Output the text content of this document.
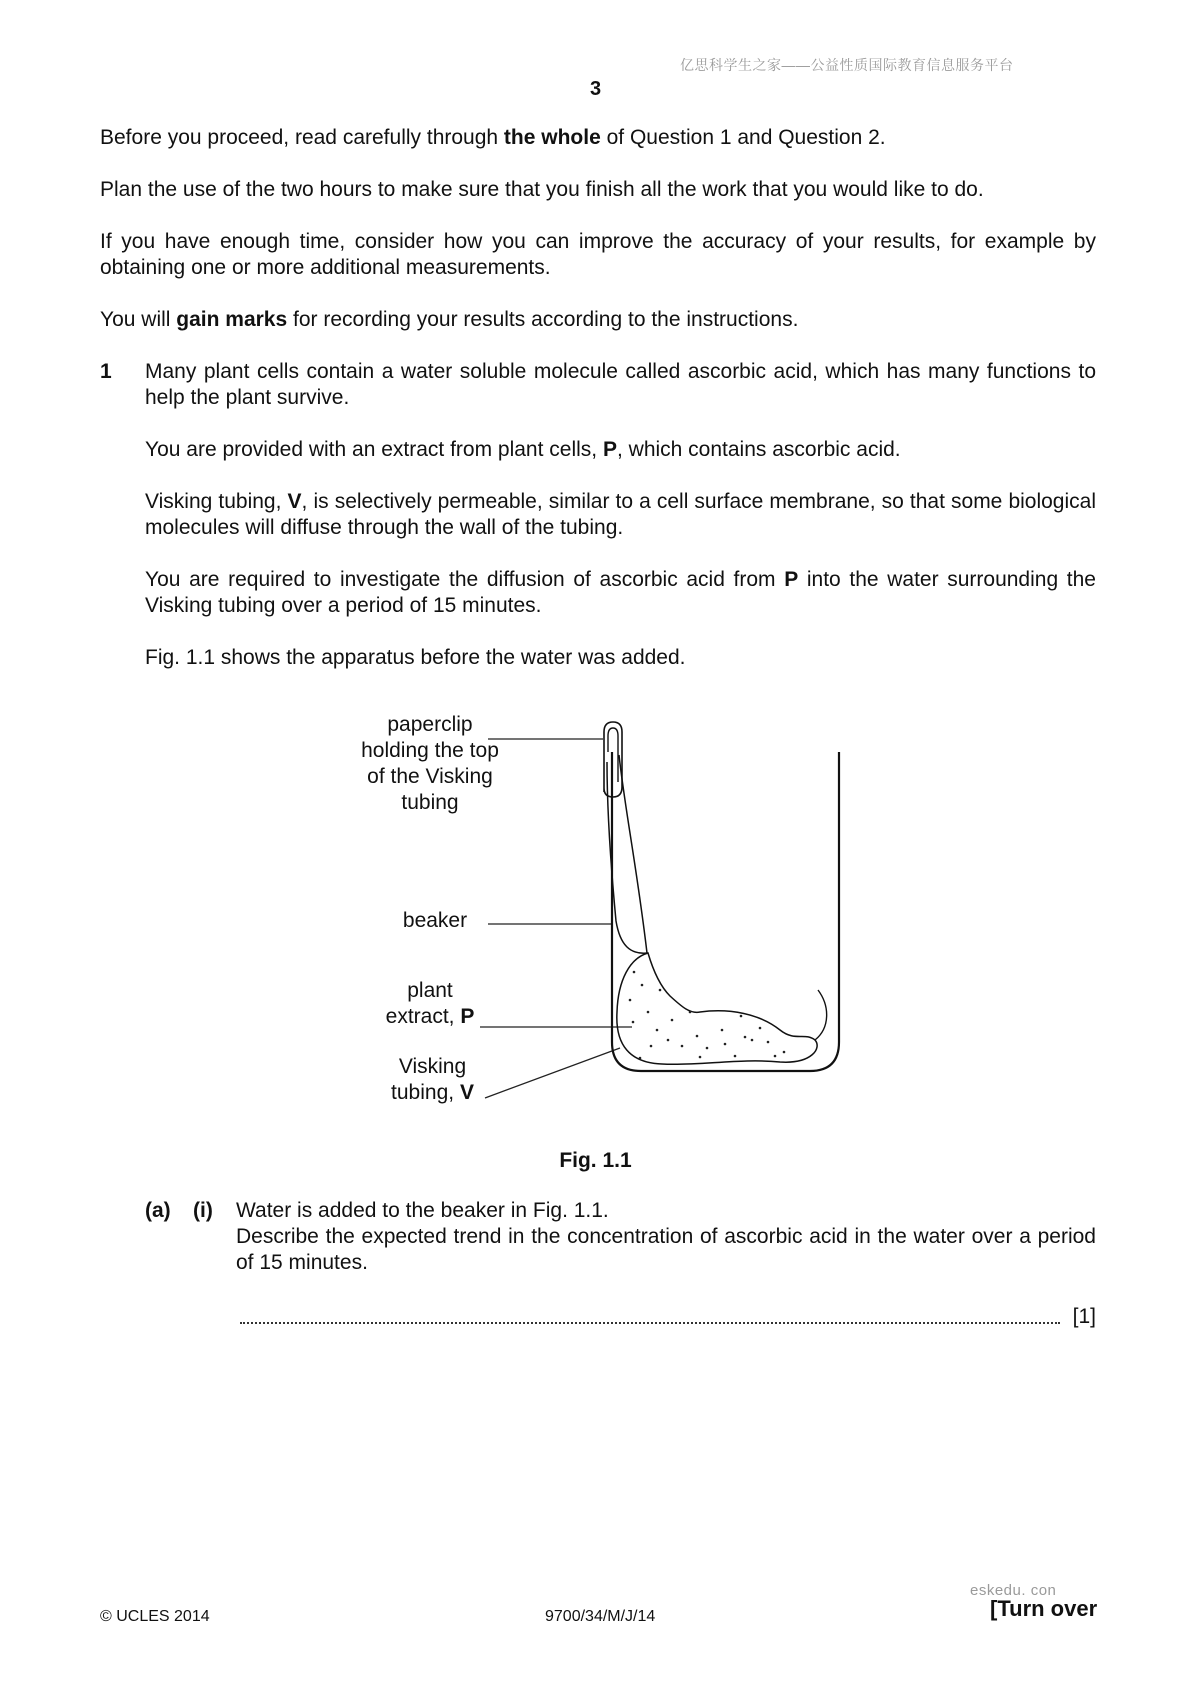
亿思科学生之家——公益性质国际教育信息服务平台
3
Before you proceed, read carefully through the whole of Question 1 and Question 2.
Plan the use of the two hours to make sure that you finish all the work that you would like to do.
If you have enough time, consider how you can improve the accuracy of your results, for example by obtaining one or more additional measurements.
You will gain marks for recording your results according to the instructions.
1 Many plant cells contain a water soluble molecule called ascorbic acid, which has many functions to help the plant survive.
You are provided with an extract from plant cells, P, which contains ascorbic acid.
Visking tubing, V, is selectively permeable, similar to a cell surface membrane, so that some biological molecules will diffuse through the wall of the tubing.
You are required to investigate the diffusion of ascorbic acid from P into the water surrounding the Visking tubing over a period of 15 minutes.
Fig. 1.1 shows the apparatus before the water was added.
paperclip
holding the top
of the Visking
tubing
beaker
plant
extract, P
Visking
tubing, V
Fig. 1.1
(a) (i) Water is added to the beaker in Fig. 1.1.
Describe the expected trend in the concentration of ascorbic acid in the water over a period of 15 minutes.
[1]
© UCLES 2014	9700/34/M/J/14
eskedu. con
[Turn over
